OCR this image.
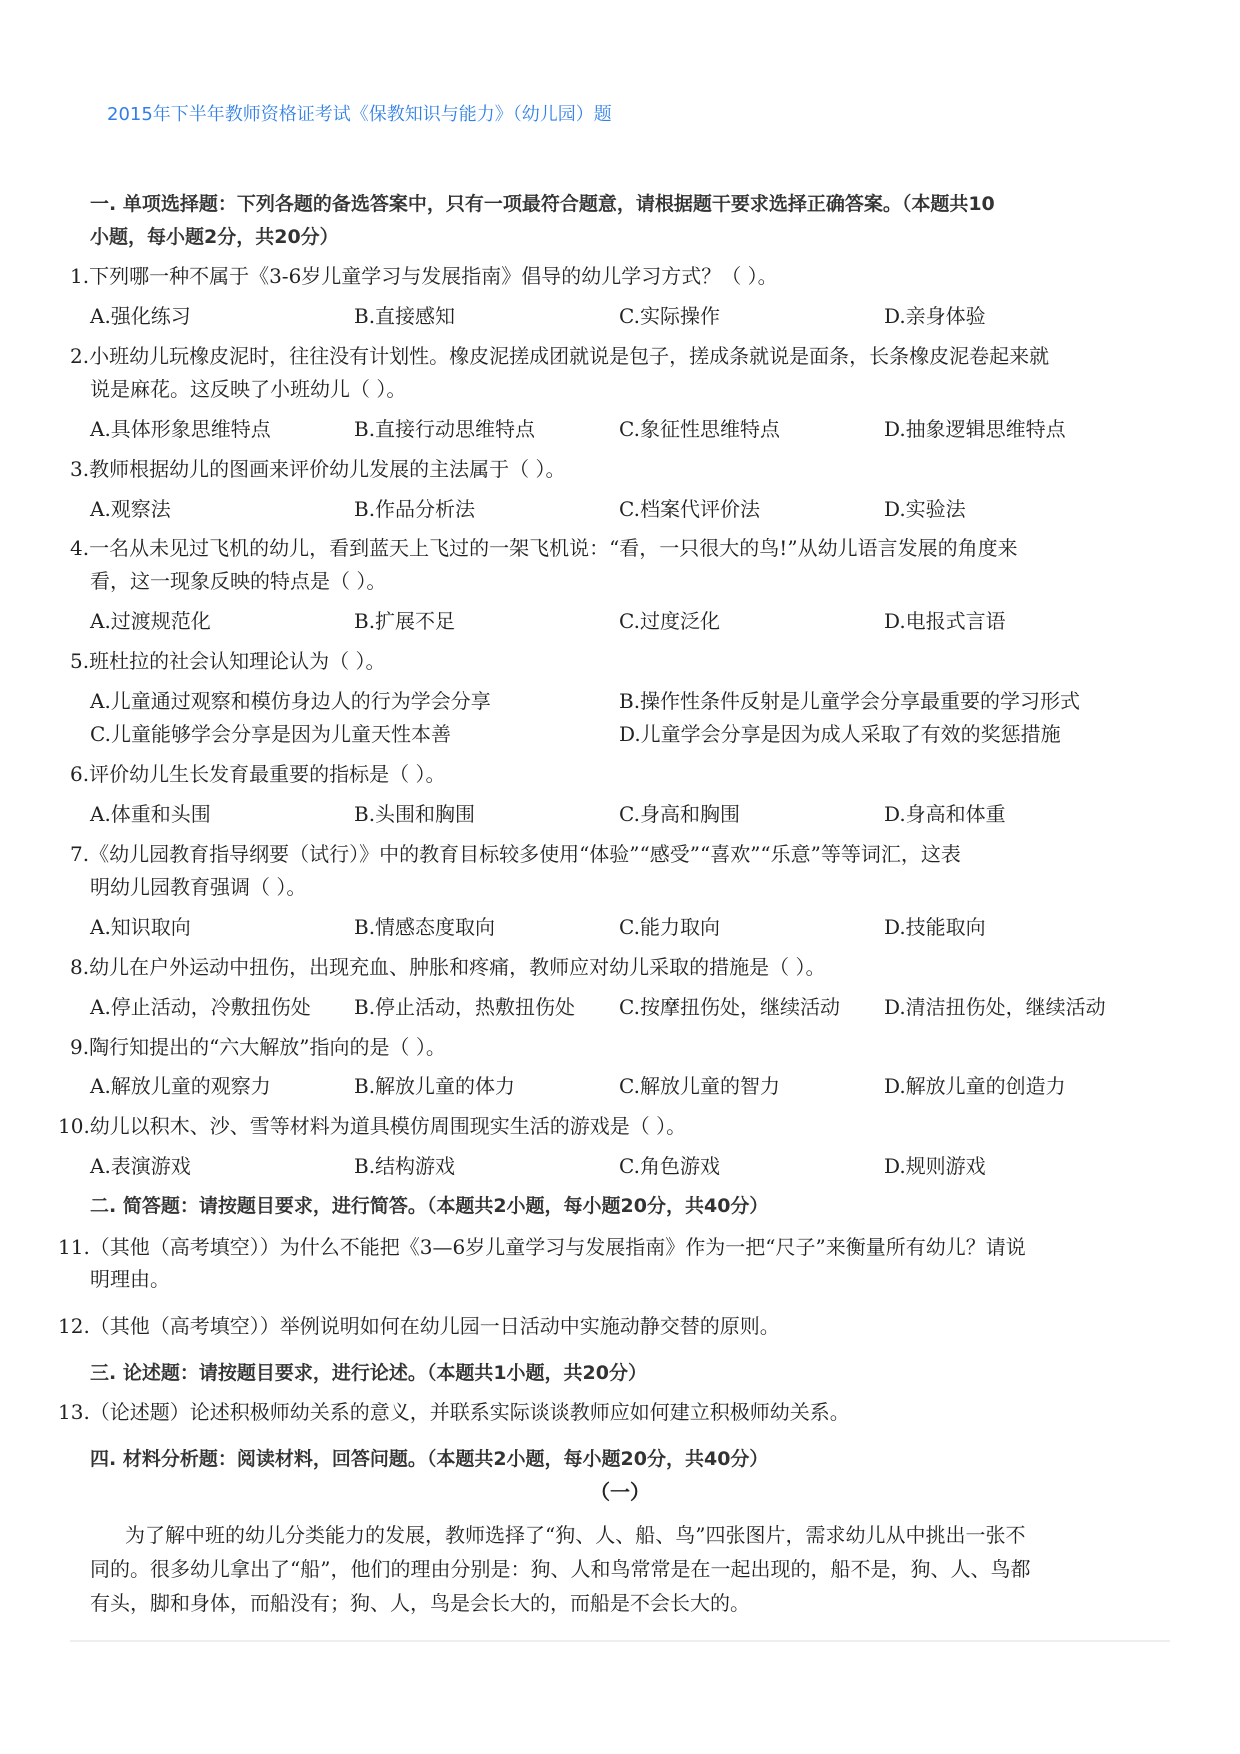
2015年下半年教师资格证考试《保教知识与能力》（幼儿园）题
一. 单项选择题：下列各题的备选答案中，只有一项最符合题意，请根据题干要求选择正确答案。（本题共10
小题，每小题2分，共20分）
1.下列哪一种不属于《3-6岁儿童学习与发展指南》倡导的幼儿学习方式？（ ）。
A.强化练习	B.直接感知	C.实际操作	D.亲身体验
2.小班幼儿玩橡皮泥时，往往没有计划性。橡皮泥搓成团就说是包子，搓成条就说是面条，长条橡皮泥卷起来就
说是麻花。这反映了小班幼儿（ ）。
A.具体形象思维特点	B.直接行动思维特点	C.象征性思维特点	D.抽象逻辑思维特点
3.教师根据幼儿的图画来评价幼儿发展的主法属于（ ）。
A.观察法	B.作品分析法	C.档案代评价法	D.实验法
4.一名从未见过飞机的幼儿，看到蓝天上飞过的一架飞机说：“看，一只很大的鸟!”从幼儿语言发展的角度来
看，这一现象反映的特点是（ ）。
A.过渡规范化	B.扩展不足	C.过度泛化	D.电报式言语
5.班杜拉的社会认知理论认为（ ）。
A.儿童通过观察和模仿身边人的行为学会分享	B.操作性条件反射是儿童学会分享最重要的学习形式
C.儿童能够学会分享是因为儿童天性本善	D.儿童学会分享是因为成人采取了有效的奖惩措施
6.评价幼儿生长发育最重要的指标是（ ）。
A.体重和头围	B.头围和胸围	C.身高和胸围	D.身高和体重
7.《幼儿园教育指导纲要（试行）》中的教育目标较多使用“体验”“感受”“喜欢”“乐意”等等词汇，这表
明幼儿园教育强调（ ）。
A.知识取向	B.情感态度取向	C.能力取向	D.技能取向
8.幼儿在户外运动中扭伤，出现充血、肿胀和疼痛，教师应对幼儿采取的措施是（ ）。
A.停止活动，冷敷扭伤处 B.停止活动，热敷扭伤处 C.按摩扭伤处，继续活动 D.清洁扭伤处，继续活动
9.陶行知提出的“六大解放”指向的是（ ）。
A.解放儿童的观察力	B.解放儿童的体力	C.解放儿童的智力	D.解放儿童的创造力
10.幼儿以积木、沙、雪等材料为道具模仿周围现实生活的游戏是（ ）。
A.表演游戏	B.结构游戏	C.角色游戏	D.规则游戏
二. 简答题：请按题目要求，进行简答。（本题共2小题，每小题20分，共40分）
11.（其他（高考填空））为什么不能把《3—6岁儿童学习与发展指南》作为一把“尺子”来衡量所有幼儿？请说
明理由。
12.（其他（高考填空））举例说明如何在幼儿园一日活动中实施动静交替的原则。
三. 论述题：请按题目要求，进行论述。（本题共1小题，共20分）
13.（论述题）论述积极师幼关系的意义，并联系实际谈谈教师应如何建立积极师幼关系。
四. 材料分析题：阅读材料，回答问题。（本题共2小题，每小题20分，共40分）
（一）
为了解中班的幼儿分类能力的发展，教师选择了“狗、人、船、鸟”四张图片，需求幼儿从中挑出一张不
同的。很多幼儿拿出了“船”，他们的理由分别是：狗、人和鸟常常是在一起出现的，船不是，狗、人、鸟都
有头，脚和身体，而船没有；狗、人，鸟是会长大的，而船是不会长大的。
